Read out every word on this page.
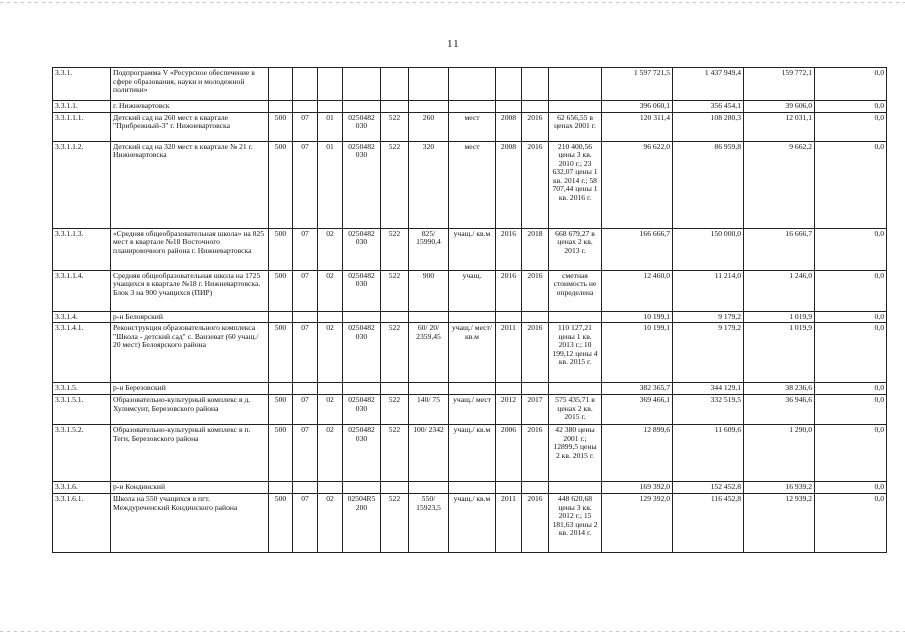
11
3.3.1.	Подпрограмма V «Ресурсное обеспечение в сфере образования, науки и молодежной политики»											1 597 721,5	1 437 949,4	159 772,1	0,0
3.3.1.1.	г. Нижневартовск											396 060,1	356 454,1	39 606,0	0,0
3.3.1.1.1.	Детский сад на 260 мест в квартале "Прибрежный-3" г. Нижневартовска	500	07	01	0250482 030	522	260	мест	2008	2016	62 656,55 в ценах 2001 г.	120 311,4	108 280,3	12 031,1	0,0
3.3.1.1.2.	Детский сад на 320 мест в квартале № 21 г. Нижневартовска	500	07	01	0250482 030	522	320	мест	2008	2016	210 400,56 цены 3 кв. 2010 г.; 23 632,07 цены 1 кв. 2014 г.; 58 707,44 цены 1 кв. 2016 г.	96 622,0	86 959,8	9 662,2	0,0
3.3.1.1.3.	«Средняя общеобразовательная школа» на 825 мест в квартале №18 Восточного планировочного района г. Нижневартовска	500	07	02	0250482 030	522	825/ 15990,4	учащ./ кв.м	2016	2018	668 679,27 в ценах 2 кв. 2013 г.	166 666,7	150 000,0	16 666,7	0,0
3.3.1.1.4.	Средняя общеобразовательная школа на 1725 учащихся в квартале №18 г. Нижневартовска. Блок 3 на 900 учащихся (ПИР)	500	07	02	0250482 030	522	900	учащ.	2016	2016	сметная стоимость не определена	12 460,0	11 214,0	1 246,0	0,0
3.3.1.4.	р-н Белоярский											10 199,1	9 179,2	1 019,9	0,0
3.3.1.4.1.	Реконструкция образовательного комплекса "Школа - детский сад" с. Ванзеват (60 учащ./ 20 мест) Белоярского района	500	07	02	0250482 030	522	60/ 20/ 2359,45	учащ./ мест/ кв.м	2011	2016	110 127,21 цены 1 кв. 2013 г.; 10 199,12 цены 4 кв. 2015 г.	10 199,1	9 179,2	1 019,9	0,0
3.3.1.5.	р-н Березовский											382 365,7	344 129,1	38 236,6	0,0
3.3.1.5.1.	Образовательно-культурный комплекс в д. Хулимсунт, Березовского района	500	07	02	0250482 030	522	140/ 75	учащ./ мест	2012	2017	575 435,71 в ценах 2 кв. 2015 г.	369 466,1	332 519,5	36 946,6	0,0
3.3.1.5.2.	Образовательно-культурный комплекс в п. Теги, Березовского района	500	07	02	0250482 030	522	100/ 2342	учащ./ кв.м	2006	2016	42 380 цены 2001 г.; 12899,5 цены 2 кв. 2015 г.	12 899,6	11 609,6	1 290,0	0,0
3.3.1.6.	р-н Кондинский											169 392,0	152 452,8	16 939,2	0,0
3.3.1.6.1.	Школа на 550 учащихся в пгт. Междуреченский Кондинского района	500	07	02	02504R5 200	522	550/ 15923,5	учащ./ кв.м	2011	2016	448 620,68 цены 3 кв. 2012 г.; 15 181,63 цены 2 кв. 2014 г.	129 392,0	116 452,8	12 939,2	0,0
